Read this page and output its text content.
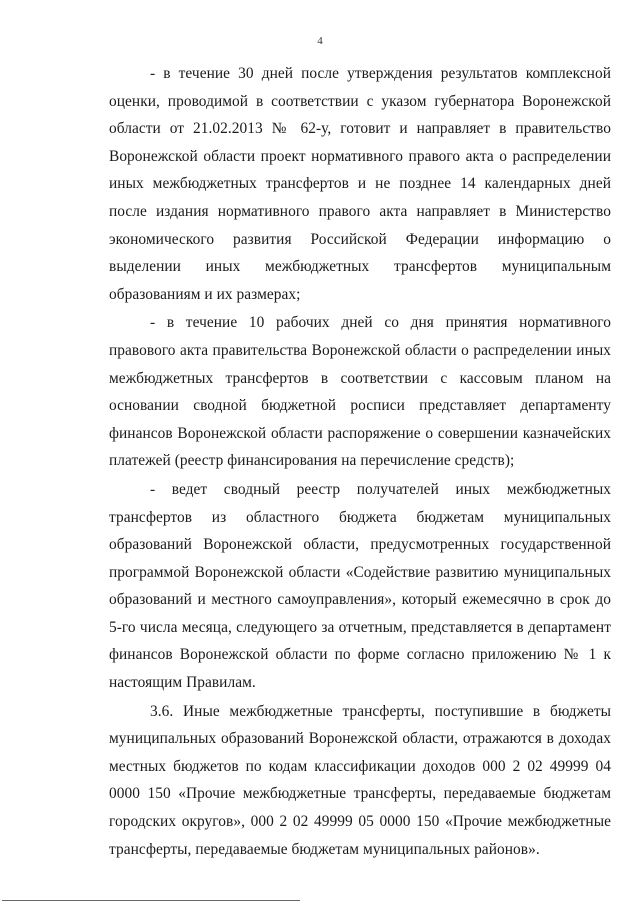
4

- в течение 30 дней после утверждения результатов комплексной оценки, проводимой в соответствии с указом губернатора Воронежской области от 21.02.2013 № 62-у, готовит и направляет в правительство Воронежской области проект нормативного правого акта о распределении иных межбюджетных трансфертов и не позднее 14 календарных дней после издания нормативного правого акта направляет в Министерство экономического развития Российской Федерации информацию о выделении иных межбюджетных трансфертов муниципальным образованиям и их размерах;

- в течение 10 рабочих дней со дня принятия нормативного правового акта правительства Воронежской области о распределении иных межбюджетных трансфертов в соответствии с кассовым планом на основании сводной бюджетной росписи представляет департаменту финансов Воронежской области распоряжение о совершении казначейских платежей (реестр финансирования на перечисление средств);

- ведет сводный реестр получателей иных межбюджетных трансфертов из областного бюджета бюджетам муниципальных образований Воронежской области, предусмотренных государственной программой Воронежской области «Содействие развитию муниципальных образований и местного самоуправления», который ежемесячно в срок до 5-го числа месяца, следующего за отчетным, представляется в департамент финансов Воронежской области по форме согласно приложению № 1 к настоящим Правилам.

3.6. Иные межбюджетные трансферты, поступившие в бюджеты муниципальных образований Воронежской области, отражаются в доходах местных бюджетов по кодам классификации доходов 000 2 02 49999 04 0000 150 «Прочие межбюджетные трансферты, передаваемые бюджетам городских округов», 000 2 02 49999 05 0000 150 «Прочие межбюджетные трансферты, передаваемые бюджетам муниципальных районов».
